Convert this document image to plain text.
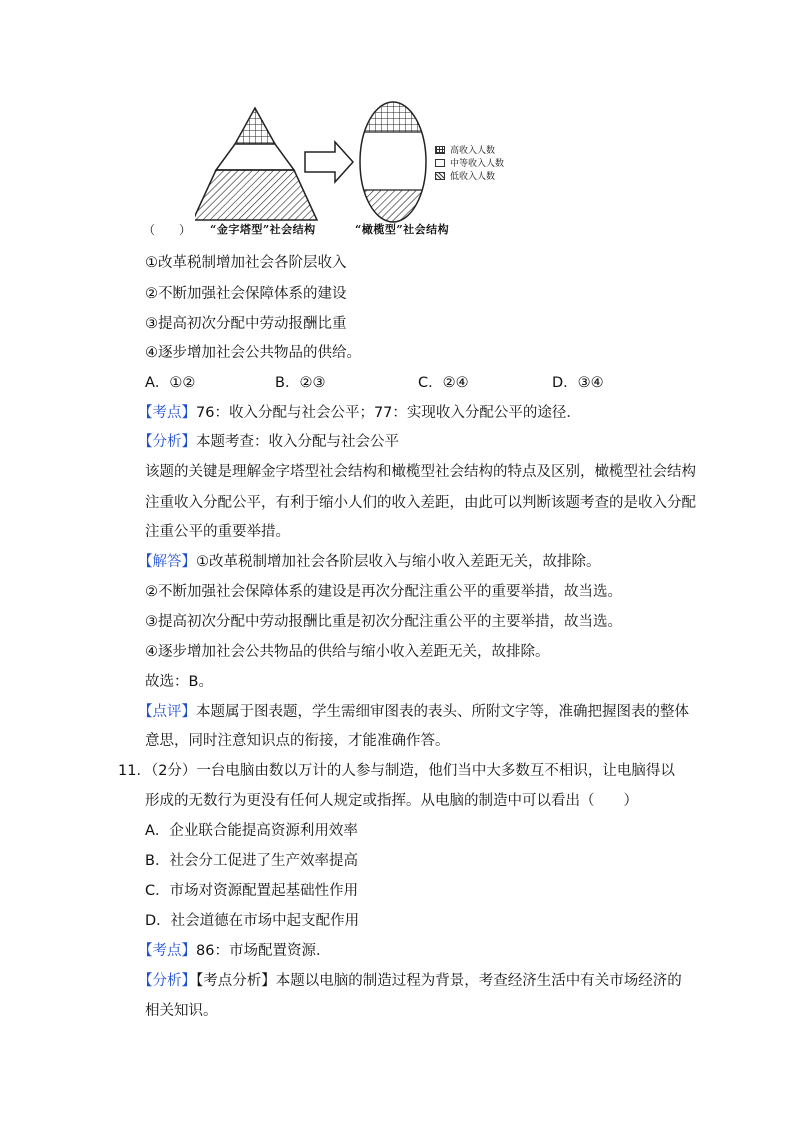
高收入人数
中等收入人数
低收入人数
（　　） “金字塔型”社会结构	“橄榄型”社会结构
①改革税制增加社会各阶层收入
②不断加强社会保障体系的建设
③提高初次分配中劳动报酬比重
④逐步增加社会公共物品的供给。
A．①②	B．②③	C．②④	D．③④
【考点】76：收入分配与社会公平；77：实现收入分配公平的途径．
【分析】本题考查：收入分配与社会公平
该题的关键是理解金字塔型社会结构和橄榄型社会结构的特点及区别，橄榄型社会结构
注重收入分配公平，有利于缩小人们的收入差距，由此可以判断该题考查的是收入分配
注重公平的重要举措。
【解答】①改革税制增加社会各阶层收入与缩小收入差距无关，故排除。
②不断加强社会保障体系的建设是再次分配注重公平的重要举措，故当选。
③提高初次分配中劳动报酬比重是初次分配注重公平的主要举措，故当选。
④逐步增加社会公共物品的供给与缩小收入差距无关，故排除。
故选：B。
【点评】本题属于图表题，学生需细审图表的表头、所附文字等，准确把握图表的整体
意思，同时注意知识点的衔接，才能准确作答。
11．（2分）一台电脑由数以万计的人参与制造，他们当中大多数互不相识，让电脑得以
形成的无数行为更没有任何人规定或指挥。从电脑的制造中可以看出（　　）
A．企业联合能提高资源利用效率
B．社会分工促进了生产效率提高
C．市场对资源配置起基础性作用
D．社会道德在市场中起支配作用
【考点】86：市场配置资源．
【分析】【考点分析】本题以电脑的制造过程为背景，考查经济生活中有关市场经济的
相关知识。
